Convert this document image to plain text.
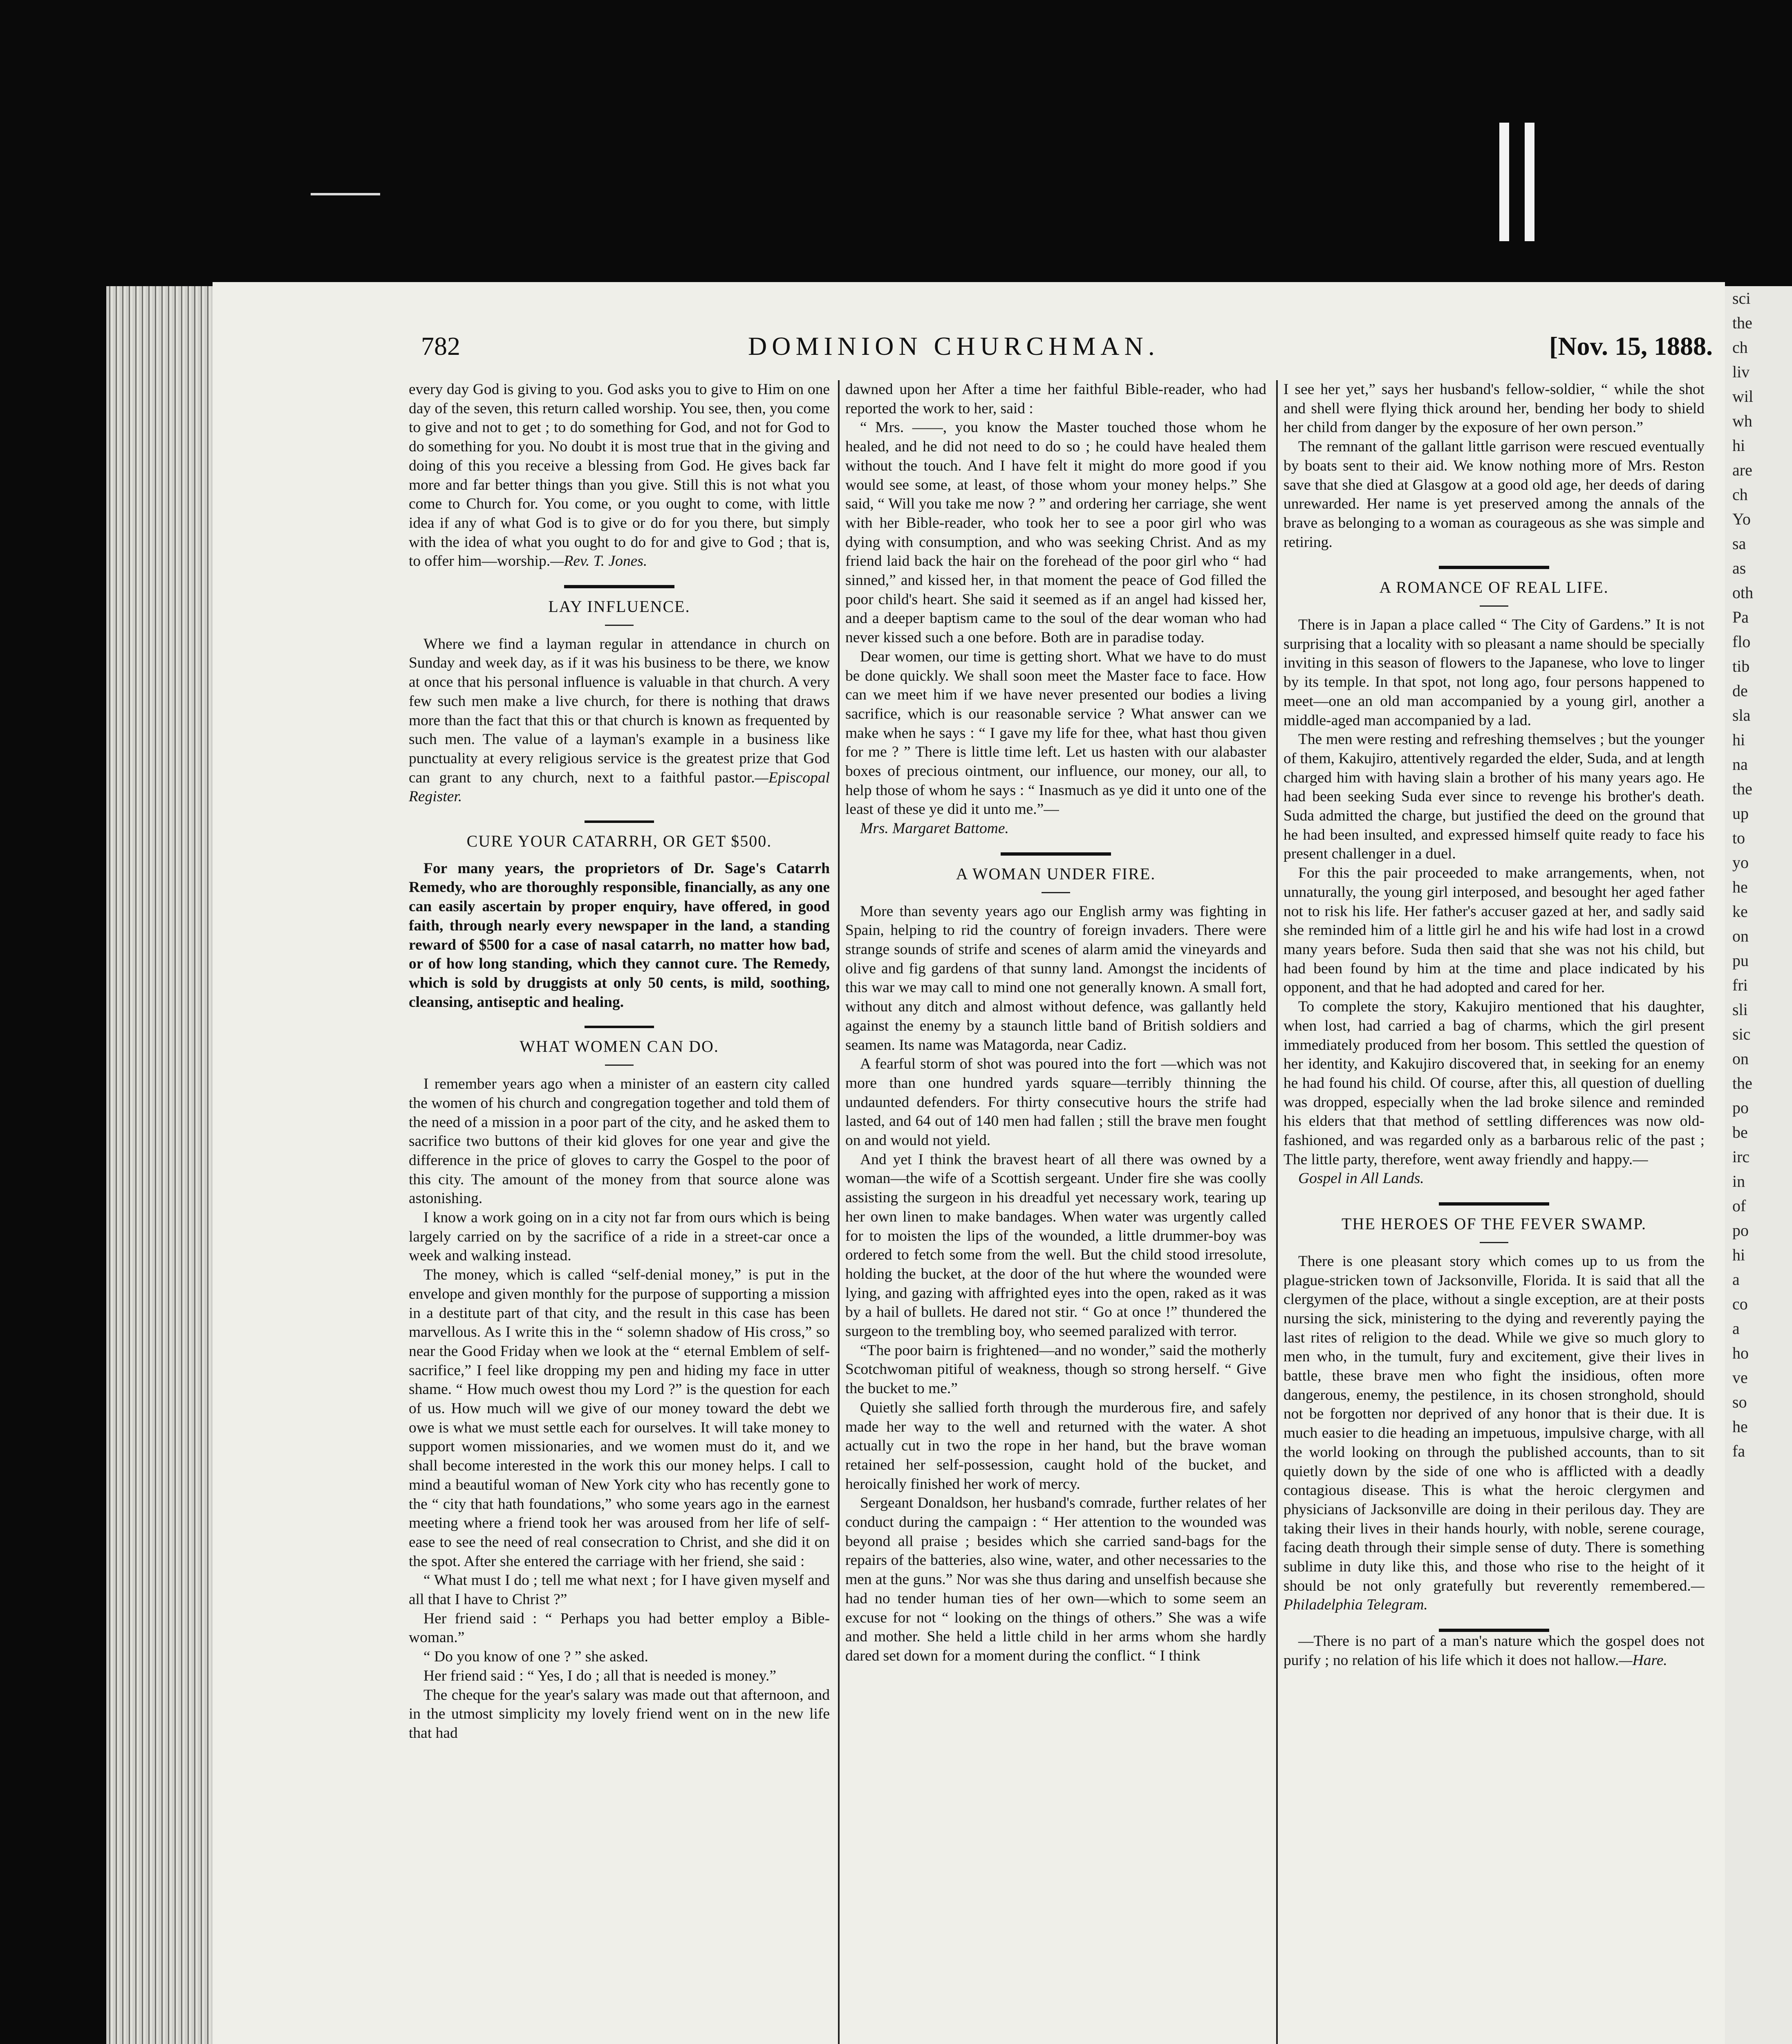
sci
the
ch
liv
wil
wh
hi
are
ch
Yo
sa
as
oth
Pa
flo
tib
de
sla
hi
na
the
up
to
yo
he
ke
on
pu
fri
sli
sic
on
the
po
be
irc
in
of
po
hi
a
co
a
ho
ve
so
he
fa
782	DOMINION CHURCHMAN.	[Nov. 15, 1888.

every day God is giving to you. God asks you to give to Him on one day of the seven, this return called worship. You see, then, you come to give and not to get ; to do something for God, and not for God to do something for you. No doubt it is most true that in the giving and doing of this you receive a blessing from God. He gives back far more and far better things than you give. Still this is not what you come to Church for. You come, or you ought to come, with little idea if any of what God is to give or do for you there, but simply with the idea of what you ought to do for and give to God ; that is, to offer him—worship.—Rev. T. Jones.

LAY INFLUENCE.

Where we find a layman regular in attendance in church on Sunday and week day, as if it was his business to be there, we know at once that his personal influence is valuable in that church. A very few such men make a live church, for there is nothing that draws more than the fact that this or that church is known as frequented by such men. The value of a layman's example in a business like punctuality at every religious service is the greatest prize that God can grant to any church, next to a faithful pastor.—Episcopal Register.

CURE YOUR CATARRH, OR GET $500.

For many years, the proprietors of Dr. Sage's Catarrh Remedy, who are thoroughly responsible, financially, as any one can easily ascertain by proper enquiry, have offered, in good faith, through nearly every newspaper in the land, a standing reward of $500 for a case of nasal catarrh, no matter how bad, or of how long standing, which they cannot cure. The Remedy, which is sold by druggists at only 50 cents, is mild, soothing, cleansing, antiseptic and healing.

WHAT WOMEN CAN DO.

I remember years ago when a minister of an eastern city called the women of his church and congregation together and told them of the need of a mission in a poor part of the city, and he asked them to sacrifice two buttons of their kid gloves for one year and give the difference in the price of gloves to carry the Gospel to the poor of this city. The amount of the money from that source alone was astonishing.

I know a work going on in a city not far from ours which is being largely carried on by the sacrifice of a ride in a street-car once a week and walking instead.

The money, which is called “self-denial money,” is put in the envelope and given monthly for the purpose of supporting a mission in a destitute part of that city, and the result in this case has been marvellous. As I write this in the “ solemn shadow of His cross,” so near the Good Friday when we look at the “ eternal Emblem of self-sacrifice,” I feel like dropping my pen and hiding my face in utter shame. “ How much owest thou my Lord ?” is the question for each of us. How much will we give of our money toward the debt we owe is what we must settle each for ourselves. It will take money to support women missionaries, and we women must do it, and we shall become interested in the work this our money helps. I call to mind a beautiful woman of New York city who has recently gone to the “ city that hath foundations,” who some years ago in the earnest meeting where a friend took her was aroused from her life of self-ease to see the need of real consecration to Christ, and she did it on the spot. After she entered the carriage with her friend, she said :

“ What must I do ; tell me what next ; for I have given myself and all that I have to Christ ?”

Her friend said : “ Perhaps you had better employ a Bible-woman.”

“ Do you know of one ? ” she asked.

Her friend said : “ Yes, I do ; all that is needed is money.”

The cheque for the year's salary was made out that afternoon, and in the utmost simplicity my lovely friend went on in the new life that had

dawned upon her After a time her faithful Bible-reader, who had reported the work to her, said :

“ Mrs. ——, you know the Master touched those whom he healed, and he did not need to do so ; he could have healed them without the touch. And I have felt it might do more good if you would see some, at least, of those whom your money helps.” She said, “ Will you take me now ? ” and ordering her carriage, she went with her Bible-reader, who took her to see a poor girl who was dying with consumption, and who was seeking Christ. And as my friend laid back the hair on the forehead of the poor girl who “ had sinned,” and kissed her, in that moment the peace of God filled the poor child's heart. She said it seemed as if an angel had kissed her, and a deeper baptism came to the soul of the dear woman who had never kissed such a one before. Both are in paradise today.

Dear women, our time is getting short. What we have to do must be done quickly. We shall soon meet the Master face to face. How can we meet him if we have never presented our bodies a living sacrifice, which is our reasonable service ? What answer can we make when he says : “ I gave my life for thee, what hast thou given for me ? ” There is little time left. Let us hasten with our alabaster boxes of precious ointment, our influence, our money, our all, to help those of whom he says : “ Inasmuch as ye did it unto one of the least of these ye did it unto me.”—

Mrs. Margaret Battome.

A WOMAN UNDER FIRE.

More than seventy years ago our English army was fighting in Spain, helping to rid the country of foreign invaders. There were strange sounds of strife and scenes of alarm amid the vineyards and olive and fig gardens of that sunny land. Amongst the incidents of this war we may call to mind one not generally known. A small fort, without any ditch and almost without defence, was gallantly held against the enemy by a staunch little band of British soldiers and seamen. Its name was Matagorda, near Cadiz.

A fearful storm of shot was poured into the fort —which was not more than one hundred yards square—terribly thinning the undaunted defenders. For thirty consecutive hours the strife had lasted, and 64 out of 140 men had fallen ; still the brave men fought on and would not yield.

And yet I think the bravest heart of all there was owned by a woman—the wife of a Scottish sergeant. Under fire she was coolly assisting the surgeon in his dreadful yet necessary work, tearing up her own linen to make bandages. When water was urgently called for to moisten the lips of the wounded, a little drummer-boy was ordered to fetch some from the well. But the child stood irresolute, holding the bucket, at the door of the hut where the wounded were lying, and gazing with affrighted eyes into the open, raked as it was by a hail of bullets. He dared not stir. “ Go at once !” thundered the surgeon to the trembling boy, who seemed paralized with terror.

“The poor bairn is frightened—and no wonder,” said the motherly Scotchwoman pitiful of weakness, though so strong herself. “ Give the bucket to me.”

Quietly she sallied forth through the murderous fire, and safely made her way to the well and returned with the water. A shot actually cut in two the rope in her hand, but the brave woman retained her self-possession, caught hold of the bucket, and heroically finished her work of mercy.

Sergeant Donaldson, her husband's comrade, further relates of her conduct during the campaign : “ Her attention to the wounded was beyond all praise ; besides which she carried sand-bags for the repairs of the batteries, also wine, water, and other necessaries to the men at the guns.” Nor was she thus daring and unselfish because she had no tender human ties of her own—which to some seem an excuse for not “ looking on the things of others.” She was a wife and mother. She held a little child in her arms whom she hardly dared set down for a moment during the conflict. “ I think

I see her yet,” says her husband's fellow-soldier, “ while the shot and shell were flying thick around her, bending her body to shield her child from danger by the exposure of her own person.”

The remnant of the gallant little garrison were rescued eventually by boats sent to their aid. We know nothing more of Mrs. Reston save that she died at Glasgow at a good old age, her deeds of daring unrewarded. Her name is yet preserved among the annals of the brave as belonging to a woman as courageous as she was simple and retiring.

A ROMANCE OF REAL LIFE.

There is in Japan a place called “ The City of Gardens.” It is not surprising that a locality with so pleasant a name should be specially inviting in this season of flowers to the Japanese, who love to linger by its temple. In that spot, not long ago, four persons happened to meet—one an old man accompanied by a young girl, another a middle-aged man accompanied by a lad.

The men were resting and refreshing themselves ; but the younger of them, Kakujiro, attentively regarded the elder, Suda, and at length charged him with having slain a brother of his many years ago. He had been seeking Suda ever since to revenge his brother's death. Suda admitted the charge, but justified the deed on the ground that he had been insulted, and expressed himself quite ready to face his present challenger in a duel.

For this the pair proceeded to make arrangements, when, not unnaturally, the young girl interposed, and besought her aged father not to risk his life. Her father's accuser gazed at her, and sadly said she reminded him of a little girl he and his wife had lost in a crowd many years before. Suda then said that she was not his child, but had been found by him at the time and place indicated by his opponent, and that he had adopted and cared for her.

To complete the story, Kakujiro mentioned that his daughter, when lost, had carried a bag of charms, which the girl present immediately produced from her bosom. This settled the question of her identity, and Kakujiro discovered that, in seeking for an enemy he had found his child. Of course, after this, all question of duelling was dropped, especially when the lad broke silence and reminded his elders that that method of settling differences was now old-fashioned, and was regarded only as a barbarous relic of the past ; The little party, therefore, went away friendly and happy.—

Gospel in All Lands.

THE HEROES OF THE FEVER SWAMP.

There is one pleasant story which comes up to us from the plague-stricken town of Jacksonville, Florida. It is said that all the clergymen of the place, without a single exception, are at their posts nursing the sick, ministering to the dying and reverently paying the last rites of religion to the dead. While we give so much glory to men who, in the tumult, fury and excitement, give their lives in battle, these brave men who fight the insidious, often more dangerous, enemy, the pestilence, in its chosen stronghold, should not be forgotten nor deprived of any honor that is their due. It is much easier to die heading an impetuous, impulsive charge, with all the world looking on through the published accounts, than to sit quietly down by the side of one who is afflicted with a deadly contagious disease. This is what the heroic clergymen and physicians of Jacksonville are doing in their perilous day. They are taking their lives in their hands hourly, with noble, serene courage, facing death through their simple sense of duty. There is something sublime in duty like this, and those who rise to the height of it should be not only gratefully but reverently remembered.—Philadelphia Telegram.

—There is no part of a man's nature which the gospel does not purify ; no relation of his life which it does not hallow.—Hare.
